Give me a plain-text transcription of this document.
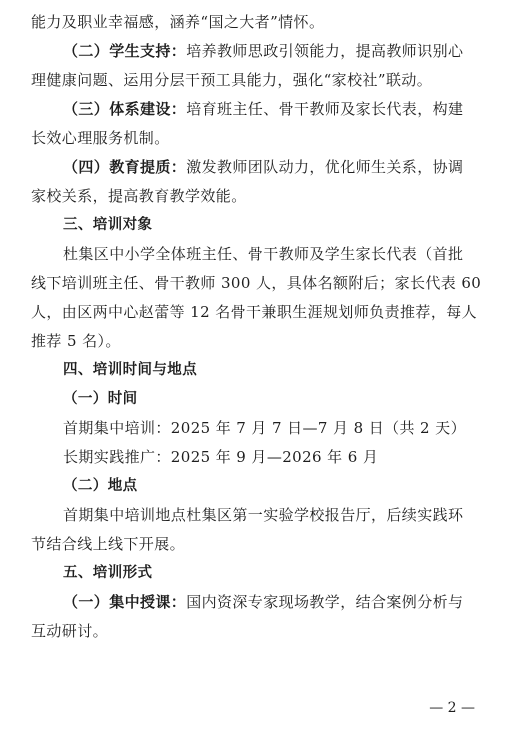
能力及职业幸福感，涵养“国之大者”情怀。
（二）学生支持：培养教师思政引领能力，提高教师识别心
理健康问题、运用分层干预工具能力，强化“家校社”联动。
（三）体系建设：培育班主任、骨干教师及家长代表，构建
长效心理服务机制。
（四）教育提质：激发教师团队动力，优化师生关系，协调
家校关系，提高教育教学效能。
三、培训对象
杜集区中小学全体班主任、骨干教师及学生家长代表（首批
线下培训班主任、骨干教师 300 人，具体名额附后；家长代表 60
人，由区两中心赵蕾等 12 名骨干兼职生涯规划师负责推荐，每人
推荐 5 名）。
四、培训时间与地点
（一）时间
首期集中培训：2025 年 7 月 7 日—7 月 8 日（共 2 天）
长期实践推广：2025 年 9 月—2026 年 6 月
（二）地点
首期集中培训地点杜集区第一实验学校报告厅，后续实践环
节结合线上线下开展。
五、培训形式
（一）集中授课：国内资深专家现场教学，结合案例分析与
互动研讨。
— 2 —
